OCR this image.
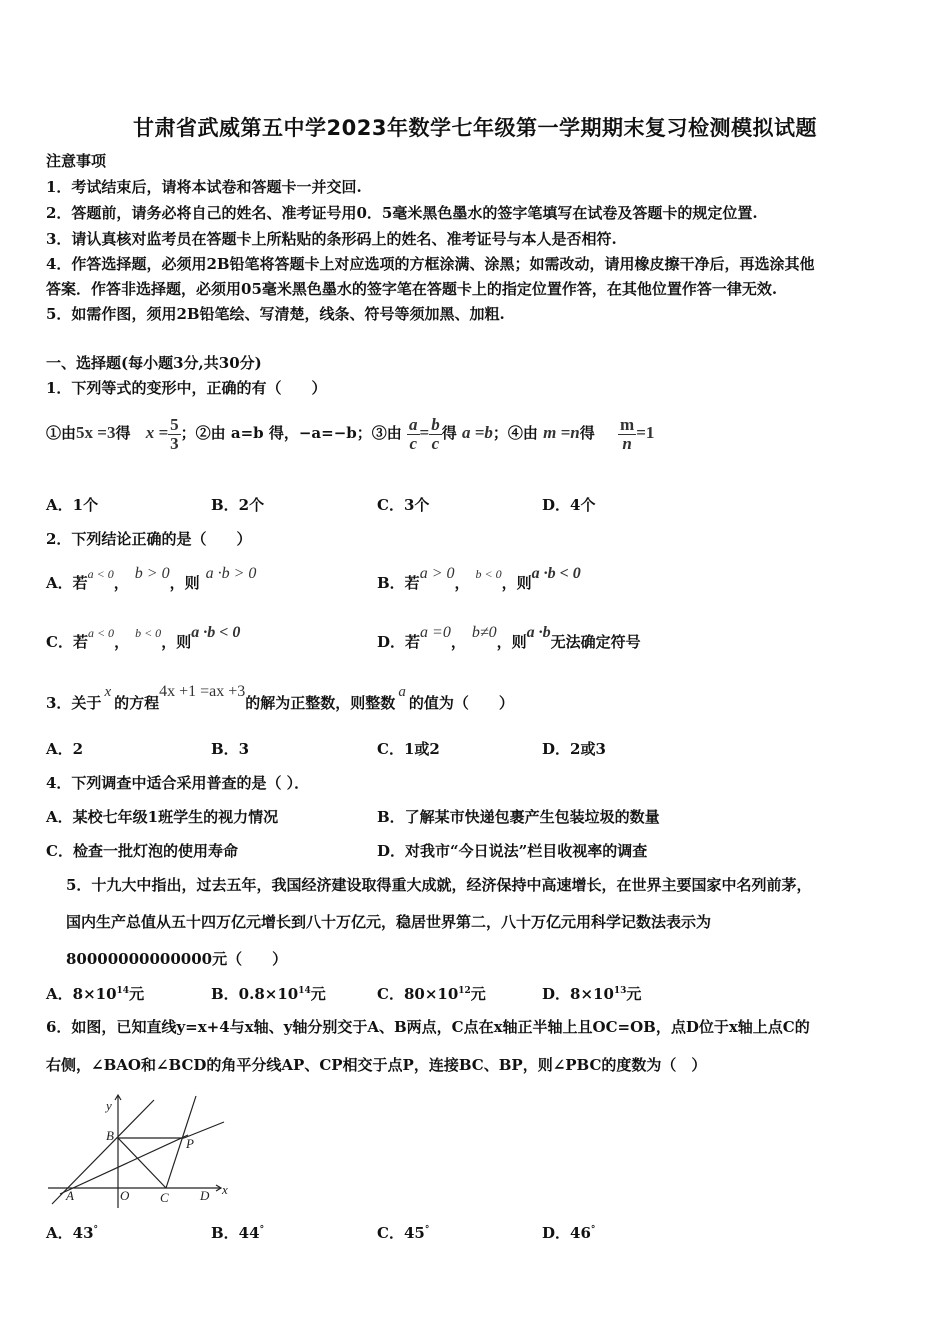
甘肃省武威第五中学2023年数学七年级第一学期期末复习检测模拟试题
注意事项
1．考试结束后，请将本试卷和答题卡一并交回.
2．答题前，请务必将自己的姓名、准考证号用0．5毫米黑色墨水的签字笔填写在试卷及答题卡的规定位置.
3．请认真核对监考员在答题卡上所粘贴的条形码上的姓名、准考证号与本人是否相符.
4．作答选择题，必须用2B铅笔将答题卡上对应选项的方框涂满、涂黑；如需改动，请用橡皮擦干净后，再选涂其他
答案．作答非选择题，必须用05毫米黑色墨水的签字笔在答题卡上的指定位置作答，在其他位置作答一律无效.
5．如需作图，须用2B铅笔绘、写清楚，线条、符号等须加黑、加粗.
一、选择题(每小题3分,共30分)
1．下列等式的变形中，正确的有（　　）
①由5x =3得 $x = \frac{5}{3}$ ；②由 a=b 得，−a=−b；③由 $\frac{a}{c} = \frac{b}{c}$ 得 a =b；④由 m =n得 $\frac{m}{n} =1$
A．1个	B．2个	C．3个	D．4个
2．下列结论正确的是（　　）
A．若a < 0，b > 0，则a ·b > 0
B．若a > 0， b < 0，则a ·b < 0
C．若a < 0， b < 0，则a ·b < 0
D．若a =0，b≠0，则a ·b无法确定符号
3．关于x的方程4x +1 =ax +3的解为正整数，则整数a的值为（　　）
A．2	B．3	C．1或2	D．2或3
4．下列调查中适合采用普查的是（ ）．
A．某校七年级1班学生的视力情况	B．了解某市快递包裹产生包装垃圾的数量
C．检查一批灯泡的使用寿命	D．对我市“今日说法”栏目收视率的调查
5．十九大中指出，过去五年，我国经济建设取得重大成就，经济保持中高速增长，在世界主要国家中名列前茅，
国内生产总值从五十四万亿元增长到八十万亿元，稳居世界第二，八十万亿元用科学记数法表示为
80000000000000元（　　）
A．$8\times 10^{14}$元	B．$0.8\times 10^{14}$元	C．$80\times 10^{12}$元	D．$8\times 10^{13}$元
6．如图，已知直线y=x+4与x轴、y轴分别交于A、B两点，C点在x轴正半轴上且OC=OB，点D位于x轴上点C的
右侧，∠BAO和∠BCD的角平分线AP、CP相交于点P，连接BC、BP，则∠PBC的度数为（　）
y
x
A	O C D
B
P
A．43°	B．44°	C．45°	D．46°
